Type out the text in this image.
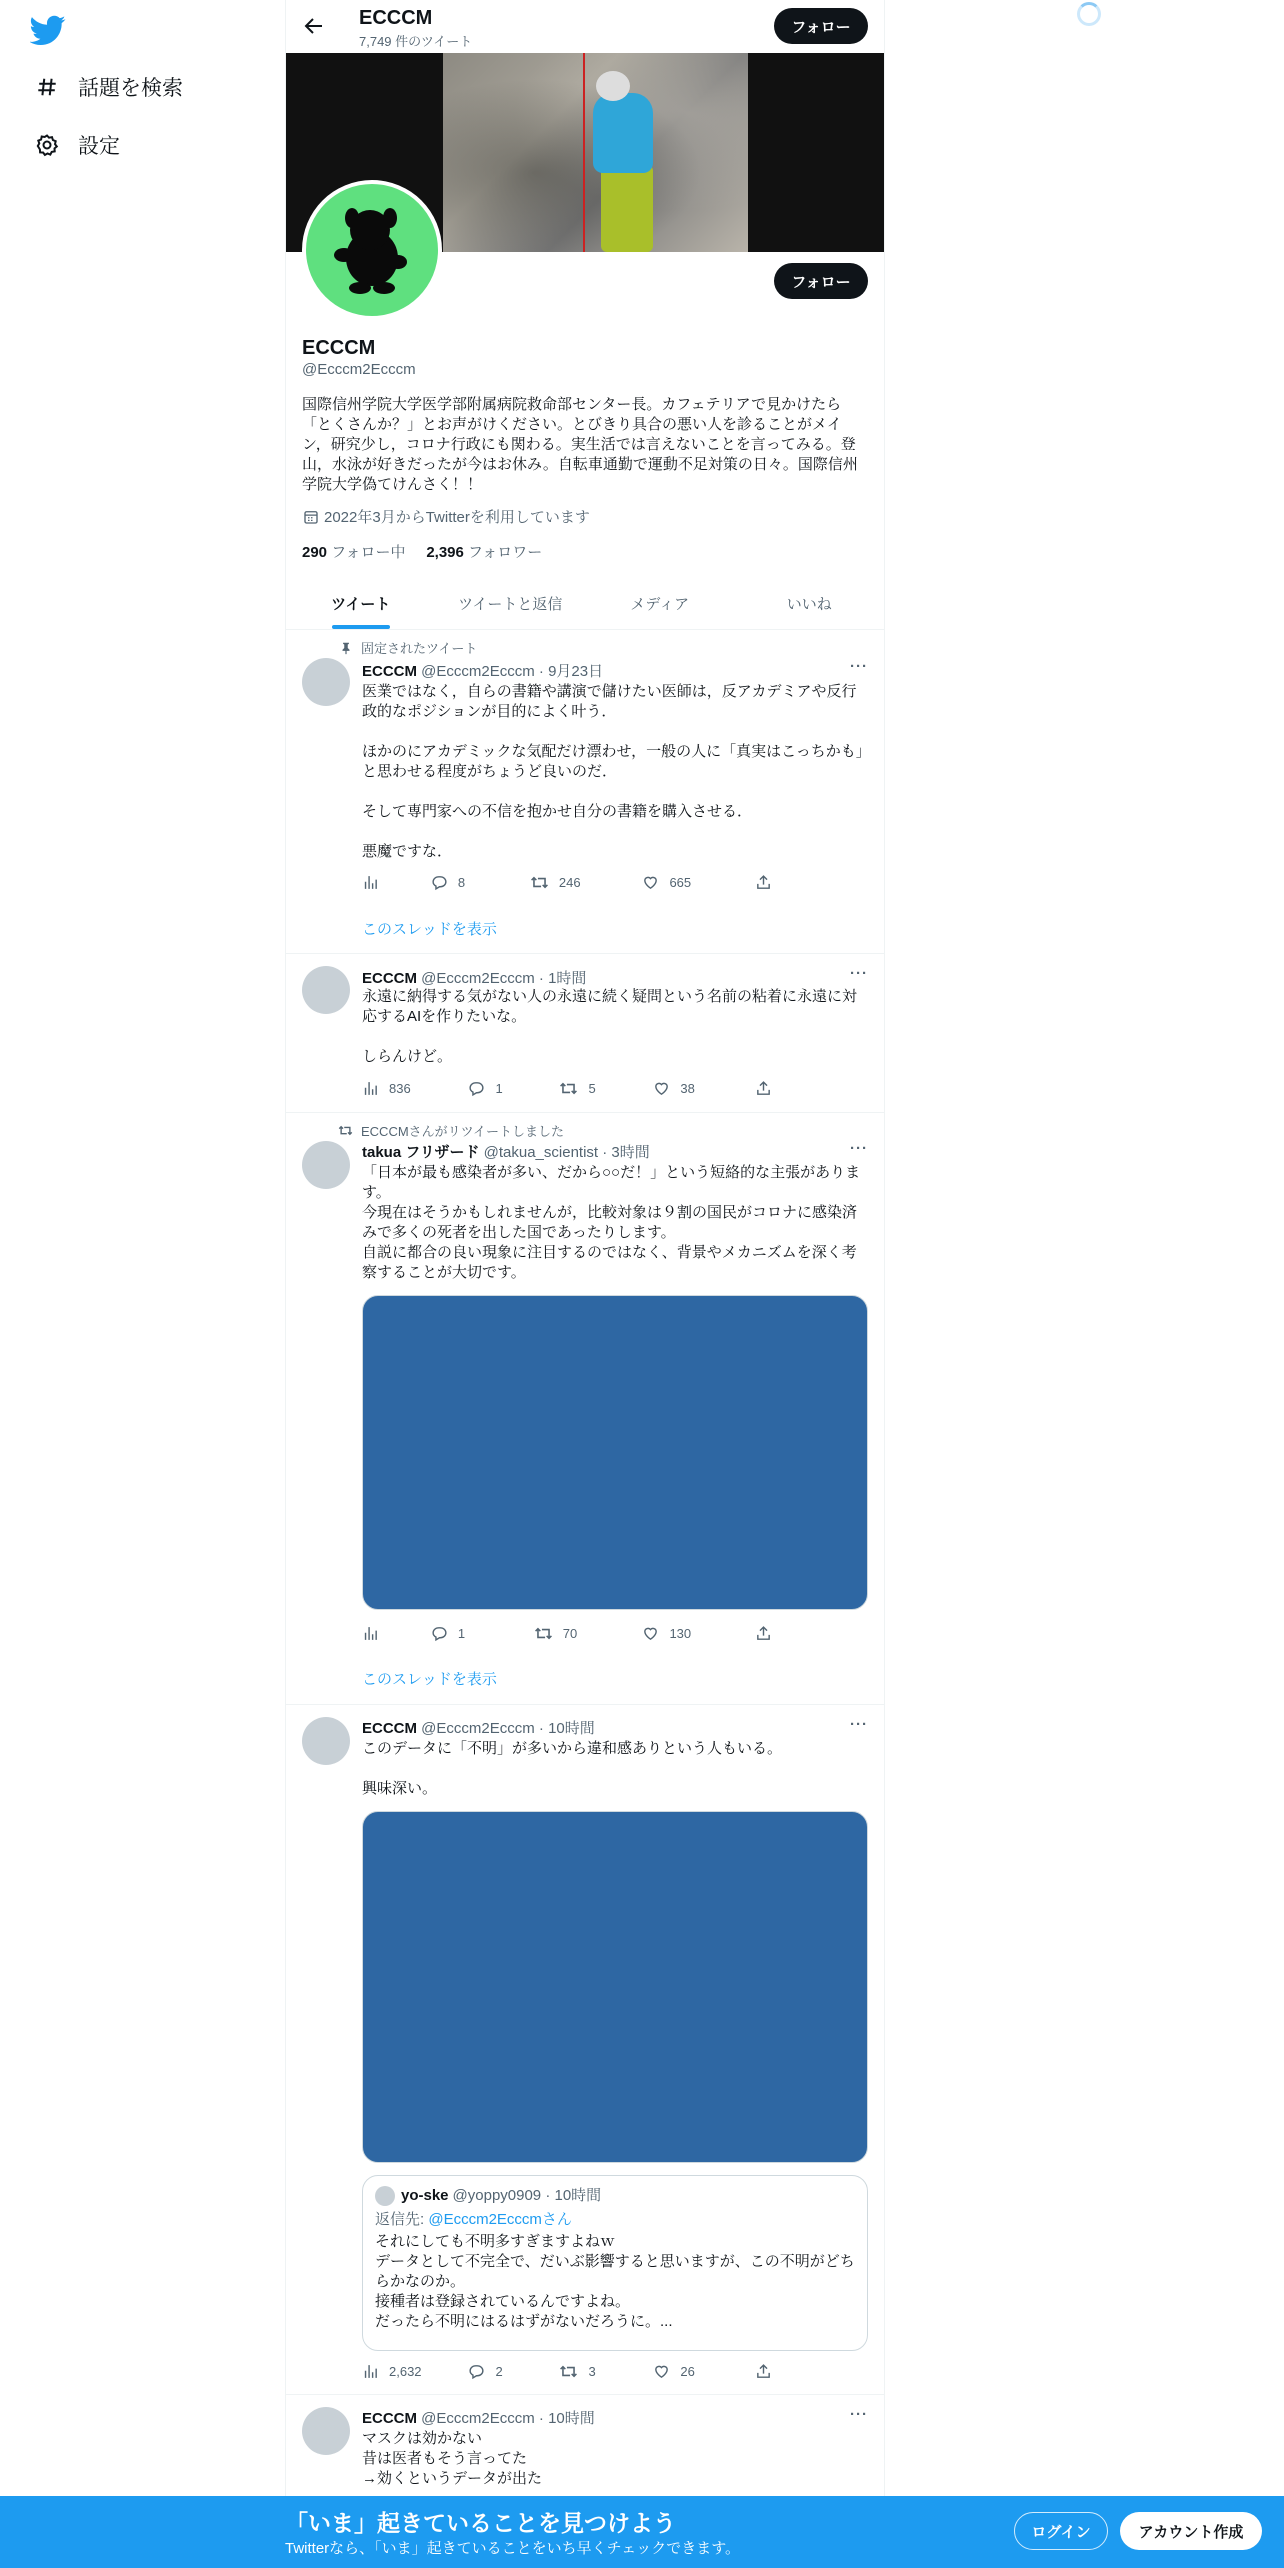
話題を検索
設定
ECCCM
7,749 件のツイート
フォロー
フォロー
ECCCM
@Ecccm2Ecccm
国際信州学院大学医学部附属病院救命部センター長。カフェテリアで見かけたら「とくさんか？」とお声がけください。とびきり具合の悪い人を診ることがメイン，研究少し，コロナ行政にも関わる。実生活では言えないことを言ってみる。登山，水泳が好きだったが今はお休み。自転車通勤で運動不足対策の日々。国際信州学院大学偽てけんさく！！
2022年3月からTwitterを利用しています
290 フォロー中 2,396 フォロワー
ツイート	ツイートと返信	メディア	いいね
固定されたツイート
ECCCM @Ecccm2Ecccm · 9月23日	···
医業ではなく，自らの書籍や講演で儲けたい医師は，反アカデミアや反行政的なポジションが目的によく叶う．

ほかのにアカデミックな気配だけ漂わせ，一般の人に「真実はこっちかも」と思わせる程度がちょうど良いのだ．

そして専門家への不信を抱かせ自分の書籍を購入させる．

悪魔ですな．
8	246	665
このスレッドを表示
ECCCM @Ecccm2Ecccm · 1時間	···
永遠に納得する気がない人の永遠に続く疑問という名前の粘着に永遠に対応するAIを作りたいな。

しらんけど。
836	1	5	38
ECCCMさんがリツイートしました
takua フリザード @takua_scientist · 3時間	···
「日本が最も感染者が多い、だから○○だ！」という短絡的な主張があります。
今現在はそうかもしれませんが，比較対象は９割の国民がコロナに感染済みで多くの死者を出した国であったりします。
自説に都合の良い現象に注目するのではなく、背景やメカニズムを深く考察することが大切です。
1	70	130
このスレッドを表示
ECCCM @Ecccm2Ecccm · 10時間	···
このデータに「不明」が多いから違和感ありという人もいる。

興味深い。
yo-ske @yoppy0909 · 10時間
返信先: @Ecccm2Ecccmさん
それにしても不明多すぎますよねｗ
データとして不完全で、だいぶ影響すると思いますが、この不明がどちらかなのか。
接種者は登録されているんですよね。
だったら不明にはるはずがないだろうに。...
2,632	2	3	26
ECCCM @Ecccm2Ecccm · 10時間	···
マスクは効かない
昔は医者もそう言ってた
→効くというデータが出た
「いま」起きていることを見つけよう
Twitterなら、「いま」起きていることをいち早くチェックできます。
ログイン	アカウント作成
